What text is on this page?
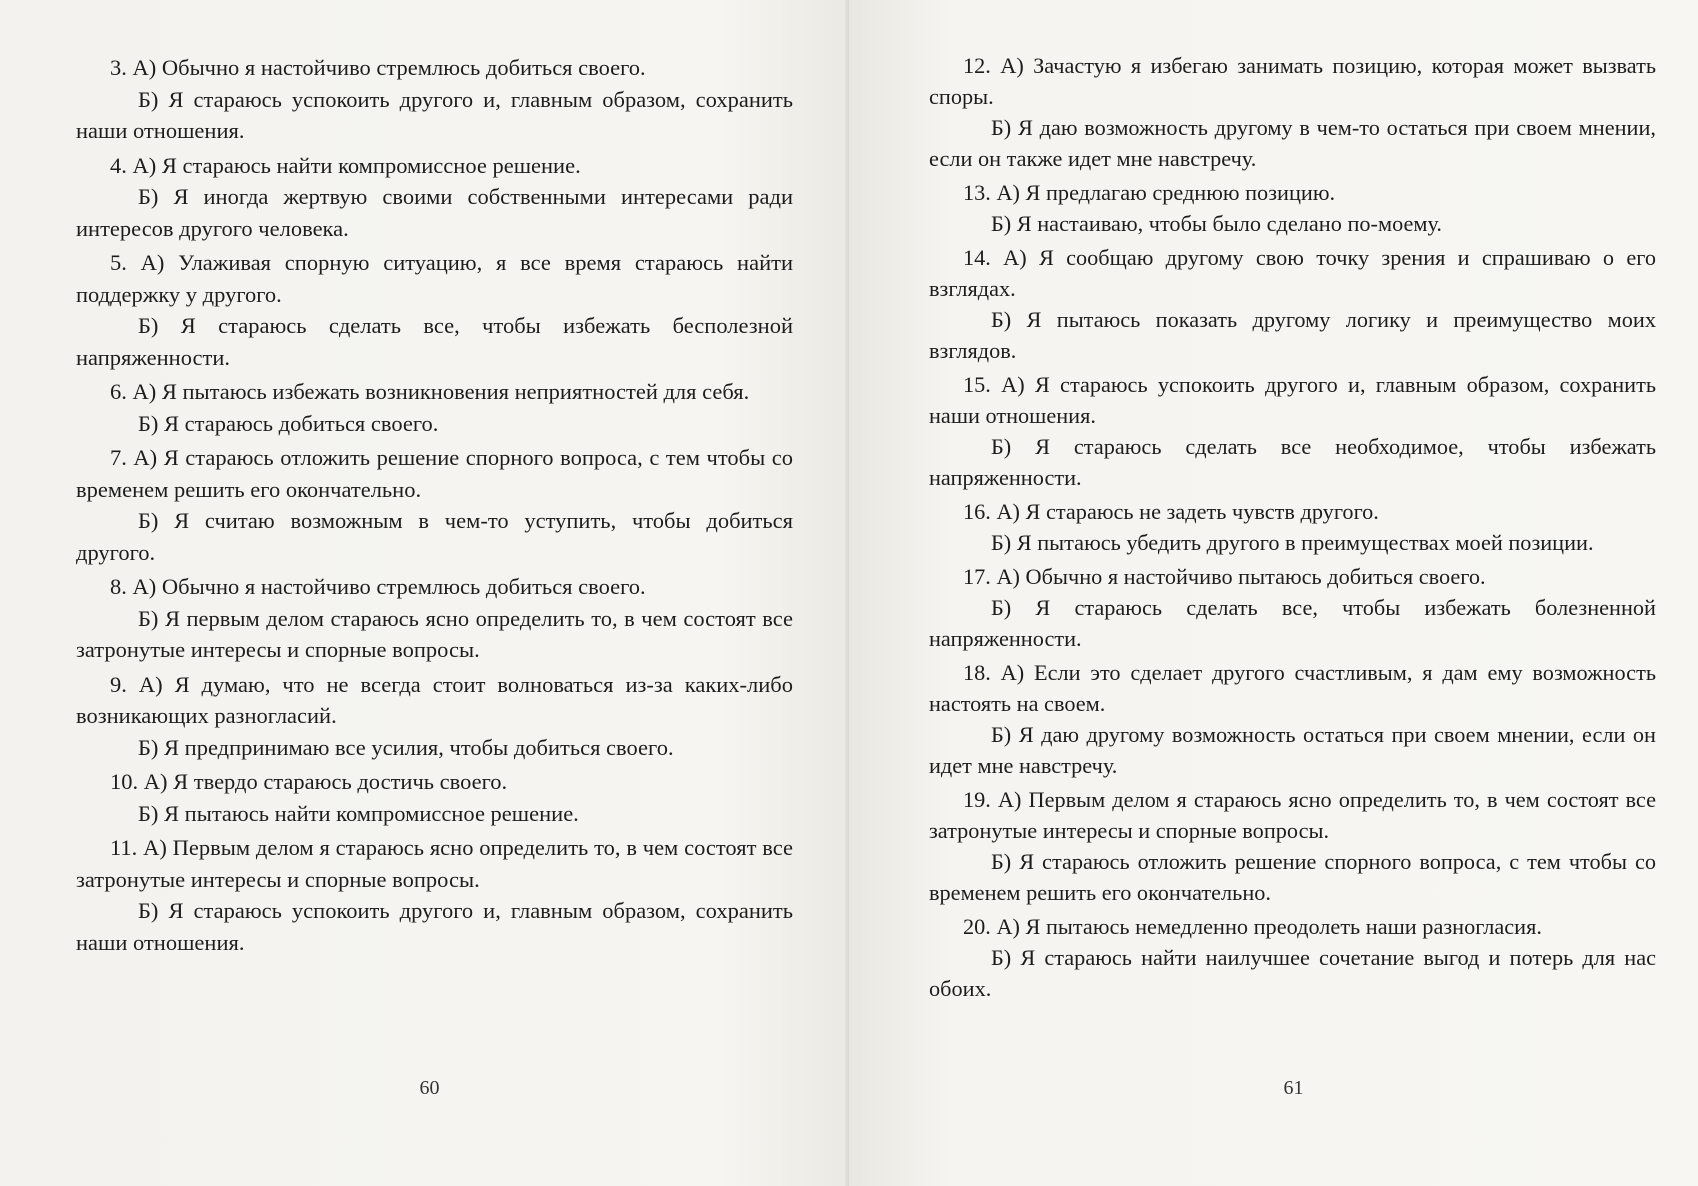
3. А) Обычно я настойчиво стремлюсь добиться своего.

Б) Я стараюсь успокоить другого и, главным образом, сохранить наши отношения.

4. А) Я стараюсь найти компромиссное решение.

Б) Я иногда жертвую своими собственными интересами ради интересов другого человека.

5. А) Улаживая спорную ситуацию, я все время стараюсь найти поддержку у другого.

Б) Я стараюсь сделать все, чтобы избежать бесполезной напряженности.

6. А) Я пытаюсь избежать возникновения неприятностей для себя.

Б) Я стараюсь добиться своего.

7. А) Я стараюсь отложить решение спорного вопроса, с тем чтобы со временем решить его окончательно.

Б) Я считаю возможным в чем-то уступить, чтобы добиться другого.

8. А) Обычно я настойчиво стремлюсь добиться своего.

Б) Я первым делом стараюсь ясно определить то, в чем состоят все затронутые интересы и спорные вопросы.

9. А) Я думаю, что не всегда стоит волноваться из-за каких-либо возникающих разногласий.

Б) Я предпринимаю все усилия, чтобы добиться своего.

10. А) Я твердо стараюсь достичь своего.

Б) Я пытаюсь найти компромиссное решение.

11. А) Первым делом я стараюсь ясно определить то, в чем состоят все затронутые интересы и спорные вопросы.

Б) Я стараюсь успокоить другого и, главным образом, сохранить наши отношения.

60

12. А) Зачастую я избегаю занимать позицию, которая может вызвать споры.

Б) Я даю возможность другому в чем-то остаться при своем мнении, если он также идет мне навстречу.

13. А) Я предлагаю среднюю позицию.

Б) Я настаиваю, чтобы было сделано по-моему.

14. А) Я сообщаю другому свою точку зрения и спрашиваю о его взглядах.

Б) Я пытаюсь показать другому логику и преимущество моих взглядов.

15. А) Я стараюсь успокоить другого и, главным образом, сохранить наши отношения.

Б) Я стараюсь сделать все необходимое, чтобы избежать напряженности.

16. А) Я стараюсь не задеть чувств другого.

Б) Я пытаюсь убедить другого в преимуществах моей позиции.

17. А) Обычно я настойчиво пытаюсь добиться своего.

Б) Я стараюсь сделать все, чтобы избежать болезненной напряженности.

18. А) Если это сделает другого счастливым, я дам ему возможность настоять на своем.

Б) Я даю другому возможность остаться при своем мнении, если он идет мне навстречу.

19. А) Первым делом я стараюсь ясно определить то, в чем состоят все затронутые интересы и спорные вопросы.

Б) Я стараюсь отложить решение спорного вопроса, с тем чтобы со временем решить его окончательно.

20. А) Я пытаюсь немедленно преодолеть наши разногласия.

Б) Я стараюсь найти наилучшее сочетание выгод и потерь для нас обоих.

61
